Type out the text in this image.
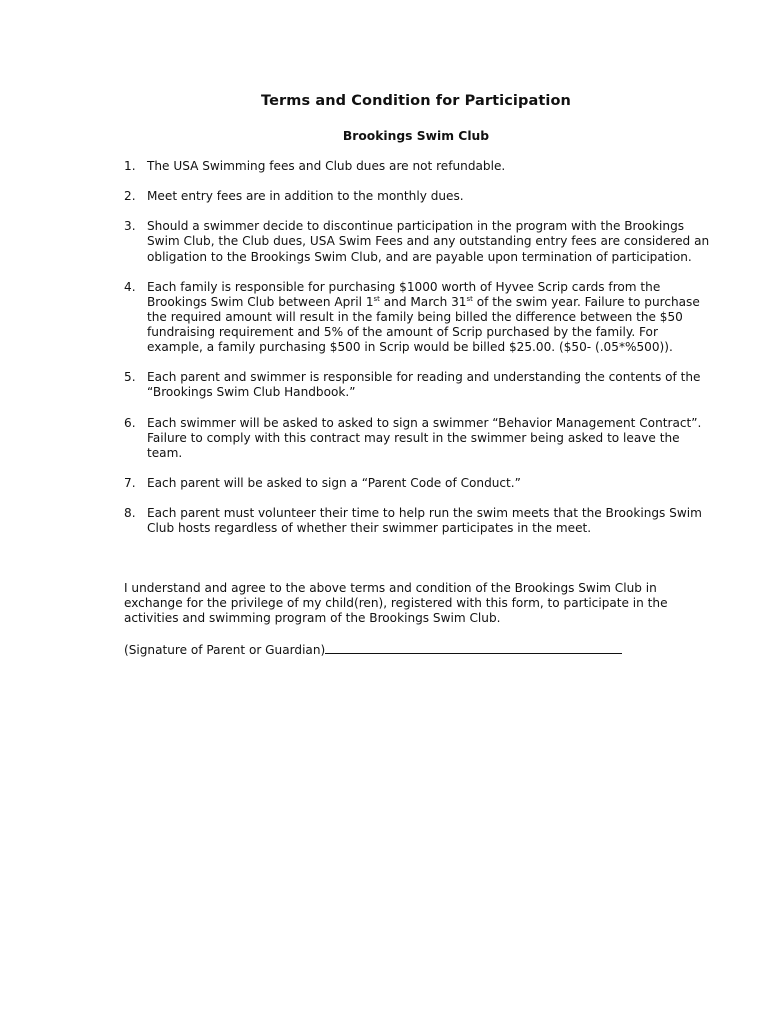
Terms and Condition for Participation
Brookings Swim Club
1. The USA Swimming fees and Club dues are not refundable.
2. Meet entry fees are in addition to the monthly dues.
3. Should a swimmer decide to discontinue participation in the program with the Brookings Swim Club, the Club dues, USA Swim Fees and any outstanding entry fees are considered an obligation to the Brookings Swim Club, and are payable upon termination of participation.
4. Each family is responsible for purchasing $1000 worth of Hyvee Scrip cards from the Brookings Swim Club between April 1st and March 31st of the swim year. Failure to purchase the required amount will result in the family being billed the difference between the $50 fundraising requirement and 5% of the amount of Scrip purchased by the family. For example, a family purchasing $500 in Scrip would be billed $25.00. ($50- (.05*%500)).
5. Each parent and swimmer is responsible for reading and understanding the contents of the “Brookings Swim Club Handbook.”
6. Each swimmer will be asked to asked to sign a swimmer “Behavior Management Contract”. Failure to comply with this contract may result in the swimmer being asked to leave the team.
7. Each parent will be asked to sign a “Parent Code of Conduct.”
8. Each parent must volunteer their time to help run the swim meets that the Brookings Swim Club hosts regardless of whether their swimmer participates in the meet.
I understand and agree to the above terms and condition of the Brookings Swim Club in exchange for the privilege of my child(ren), registered with this form, to participate in the activities and swimming program of the Brookings Swim Club.
(Signature of Parent or Guardian)
